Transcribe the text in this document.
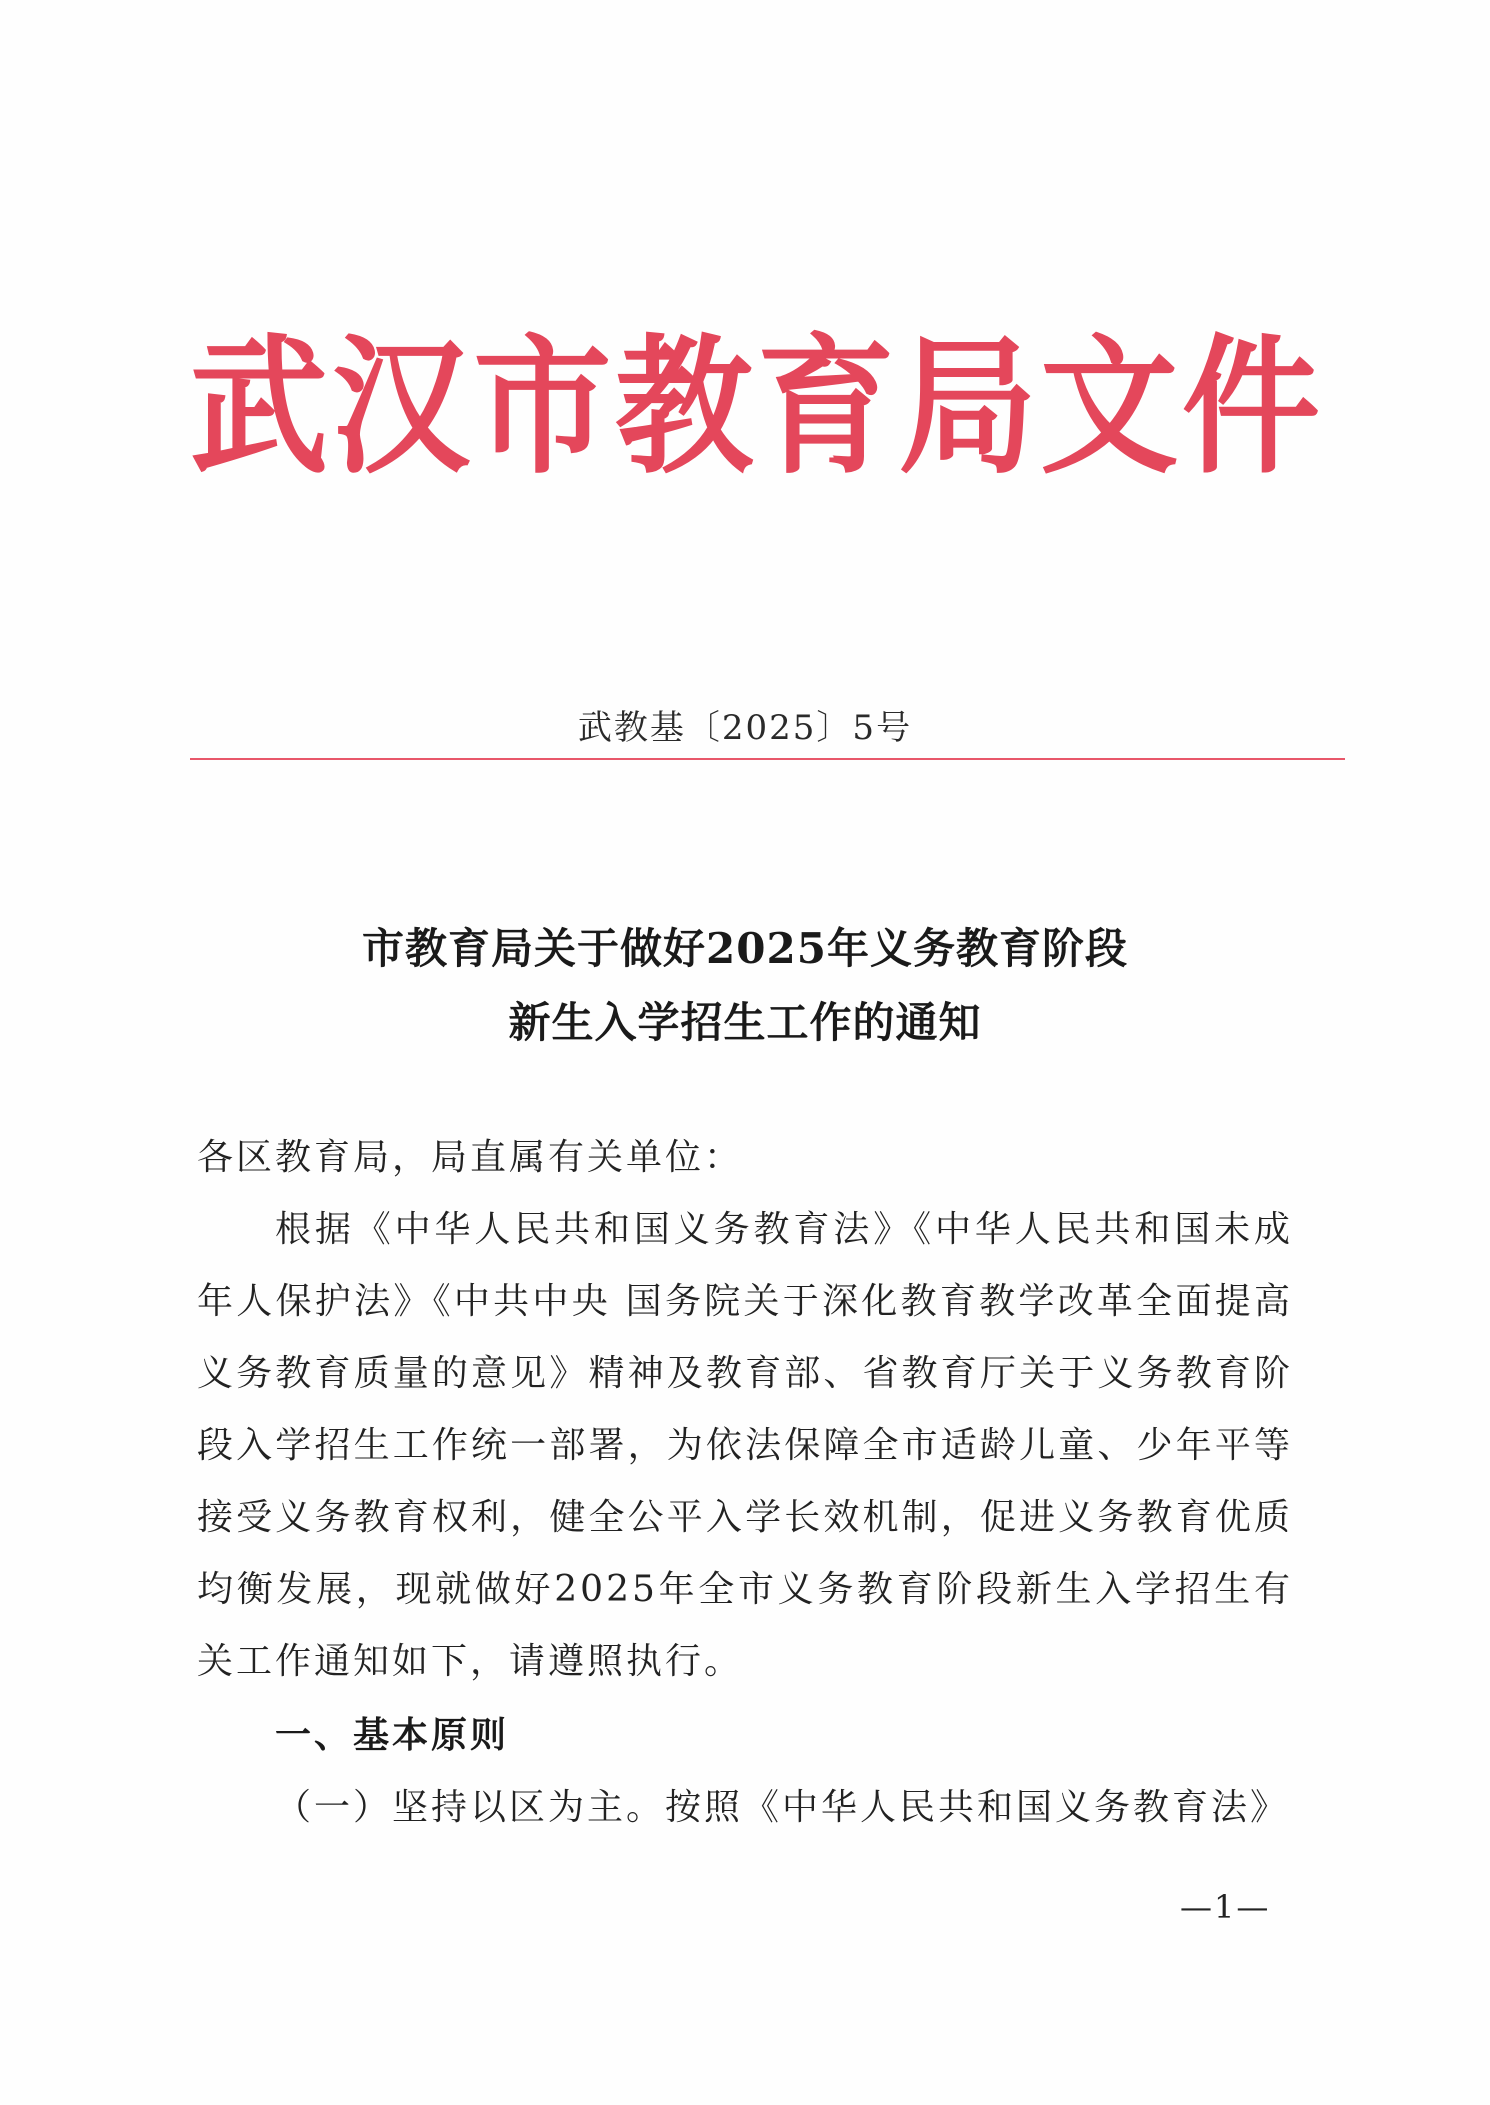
武 汉 市 教 育 局 文 件
武教基〔2025〕5号
市教育局关于做好2025年义务教育阶段
新生入学招生工作的通知
各区教育局，局直属有关单位：
根据《中华人民共和国义务教育法》《中华人民共和国未成年人保护法》《中共中央 国务院关于深化教育教学改革全面提高义务教育质量的意见》精神及教育部、省教育厅关于义务教育阶段入学招生工作统一部署，为依法保障全市适龄儿童、少年平等接受义务教育权利，健全公平入学长效机制，促进义务教育优质均衡发展，现就做好2025年全市义务教育阶段新生入学招生有关工作通知如下，请遵照执行。
一、基本原则
（一）坚持以区为主。按照《中华人民共和国义务教育法》
—1—
